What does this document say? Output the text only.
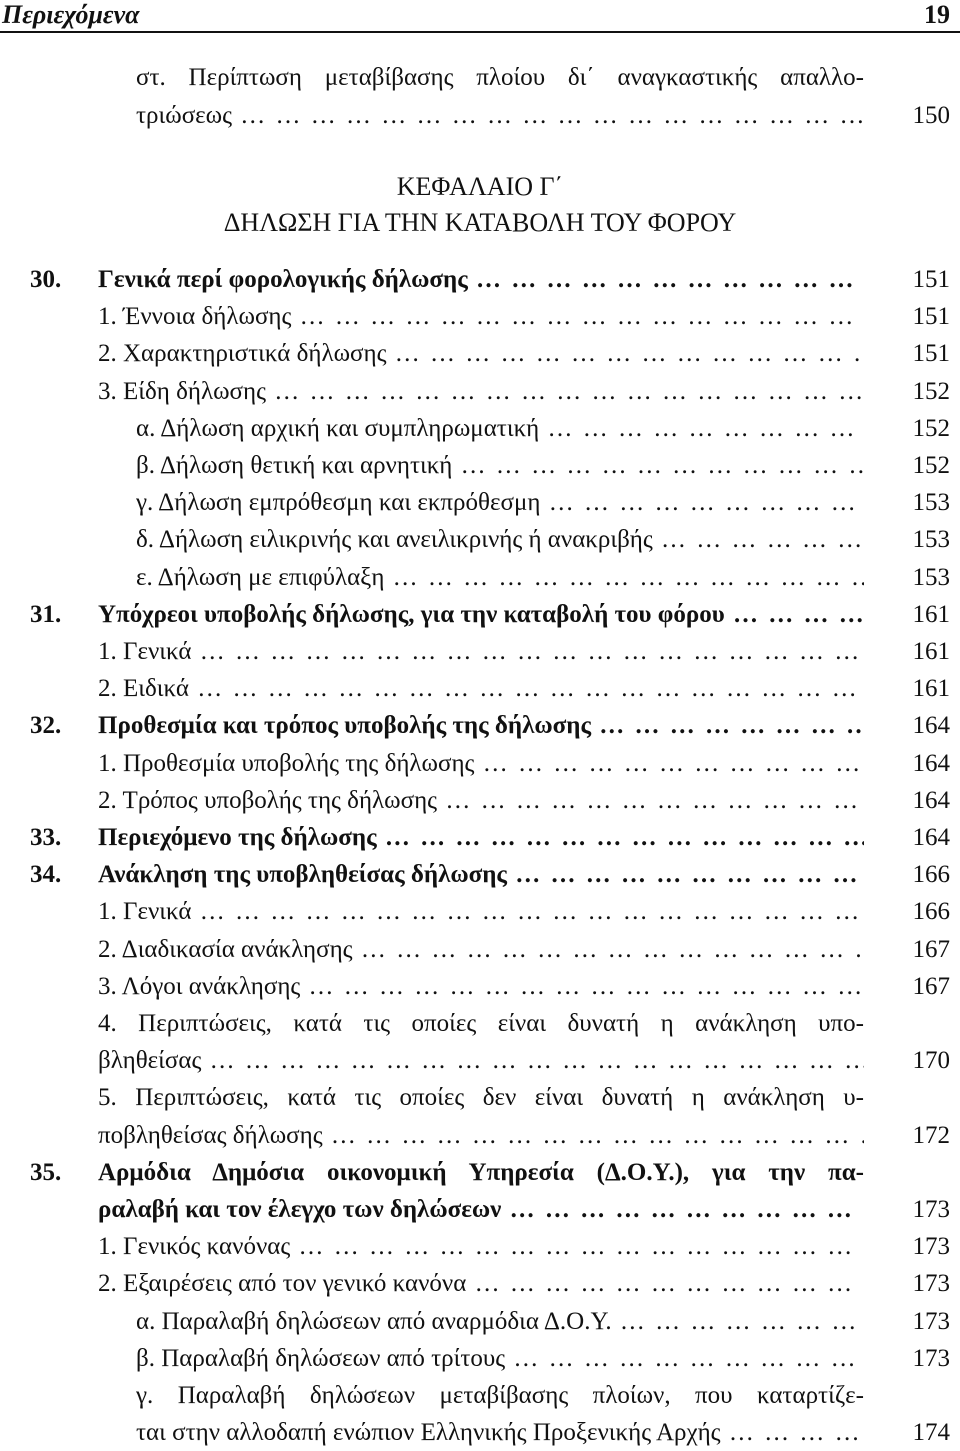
Περιεχόμενα	19
στ. Περίπτωση μεταβίβασης πλοίου δι΄ αναγκαστικής απαλλο-
τριώσεως … … … … … … … … … … … … … … … … … … … … … … … … … … … … … …	150
ΚΕΦΑΛΑΙΟ Γ΄
ΔΗΛΩΣΗ ΓΙΑ ΤΗΝ ΚΑΤΑΒΟΛΗ ΤΟΥ ΦΟΡΟΥ
30. Γενικά περί φορολογικής δήλωσης … … … … … … … … … … … … … … … … … … … … … … … … … … … … … …	151
1. Έννοια δήλωσης … … … … … … … … … … … … … … … … … … … … … … … … … … … … … …	151
2. Χαρακτηριστικά δήλωσης … … … … … … … … … … … … … … … … … … … … … … … … … … … … … …	151
3. Είδη δήλωσης … … … … … … … … … … … … … … … … … … … … … … … … … … … … … …	152
α. Δήλωση αρχική και συμπληρωματική … … … … … … … … … … … … … … … … … … … … … … … … … … … … … …	152
β. Δήλωση θετική και αρνητική … … … … … … … … … … … … … … … … … … … … … … … … … … … … … …	152
γ. Δήλωση εμπρόθεσμη και εκπρόθεσμη … … … … … … … … … … … … … … … … … … … … … … … … … … … … … …	153
δ. Δήλωση ειλικρινής και ανειλικρινής ή ανακριβής … … … … … … … … … … … … … … … … … … … … … … … … … … … … … …	153
ε. Δήλωση με επιφύλαξη … … … … … … … … … … … … … … … … … … … … … … … … … … … … … …	153
31. Υπόχρεοι υποβολής δήλωσης, για την καταβολή του φόρου … … … … … … … … … … … … … … … … … … … … … … … … … … … … … …	161
1. Γενικά … … … … … … … … … … … … … … … … … … … … … … … … … … … … … …	161
2. Ειδικά … … … … … … … … … … … … … … … … … … … … … … … … … … … … … …	161
32. Προθεσμία και τρόπος υποβολής της δήλωσης … … … … … … … … … … … … … … … … … … … … … … … … … … … … … …	164
1. Προθεσμία υποβολής της δήλωσης … … … … … … … … … … … … … … … … … … … … … … … … … … … … … …	164
2. Τρόπος υποβολής της δήλωσης … … … … … … … … … … … … … … … … … … … … … … … … … … … … … …	164
33. Περιεχόμενο της δήλωσης … … … … … … … … … … … … … … … … … … … … … … … … … … … … … …	164
34. Ανάκληση της υποβληθείσας δήλωσης … … … … … … … … … … … … … … … … … … … … … … … … … … … … … …	166
1. Γενικά … … … … … … … … … … … … … … … … … … … … … … … … … … … … … …	166
2. Διαδικασία ανάκλησης … … … … … … … … … … … … … … … … … … … … … … … … … … … … … …	167
3. Λόγοι ανάκλησης … … … … … … … … … … … … … … … … … … … … … … … … … … … … … …	167
4. Περιπτώσεις, κατά τις οποίες είναι δυνατή η ανάκληση υπο-
βληθείσας … … … … … … … … … … … … … … … … … … … … … … … … … … … … … …	170
5. Περιπτώσεις, κατά τις οποίες δεν είναι δυνατή η ανάκληση υ-
ποβληθείσας δήλωσης … … … … … … … … … … … … … … … … … … … … … … … … … … … … … …	172
35. Αρμόδια Δημόσια οικονομική Υπηρεσία (Δ.Ο.Υ.), για την πα-
ραλαβή και τον έλεγχο των δηλώσεων … … … … … … … … … … … … … … … … … … … … … … … … … … … … … …	173
1. Γενικός κανόνας … … … … … … … … … … … … … … … … … … … … … … … … … … … … … …	173
2. Εξαιρέσεις από τον γενικό κανόνα … … … … … … … … … … … … … … … … … … … … … … … … … … … … … …	173
α. Παραλαβή δηλώσεων από αναρμόδια Δ.Ο.Υ. … … … … … … … … … … … … … … … … … … … … … … … … … … … … … …	173
β. Παραλαβή δηλώσεων από τρίτους … … … … … … … … … … … … … … … … … … … … … … … … … … … … … …	173
γ. Παραλαβή δηλώσεων μεταβίβασης πλοίων, που καταρτίζε-
ται στην αλλοδαπή ενώπιον Ελληνικής Προξενικής Αρχής … … … … … … … … … … … … … … … … … … … … … … … … … … … … … …	174
